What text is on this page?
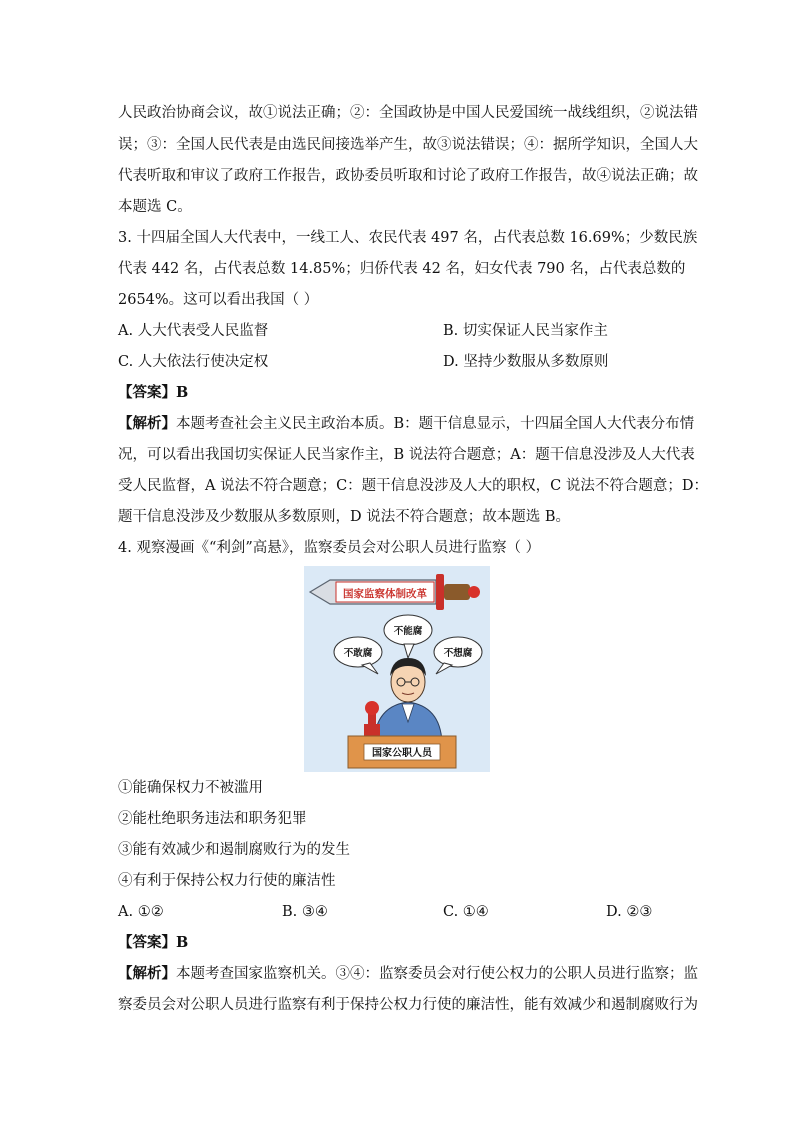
人民政治协商会议，故①说法正确；②：全国政协是中国人民爱国统一战线组织，②说法错
误；③：全国人民代表是由选民间接选举产生，故③说法错误；④：据所学知识，全国人大
代表听取和审议了政府工作报告，政协委员听取和讨论了政府工作报告，故④说法正确；故
本题选 C。
3. 十四届全国人大代表中，一线工人、农民代表 497 名，占代表总数 16.69%；少数民族
代表 442 名，占代表总数 14.85%；归侨代表 42 名，妇女代表 790 名，占代表总数的
2654%。这可以看出我国（ ）
A. 人大代表受人民监督	B. 切实保证人民当家作主
C. 人大依法行使决定权	D. 坚持少数服从多数原则
【答案】B
【解析】本题考查社会主义民主政治本质。B：题干信息显示，十四届全国人大代表分布情
况，可以看出我国切实保证人民当家作主，B 说法符合题意；A：题干信息没涉及人大代表
受人民监督，A 说法不符合题意；C：题干信息没涉及人大的职权，C 说法不符合题意；D：
题干信息没涉及少数服从多数原则，D 说法不符合题意；故本题选 B。
4. 观察漫画《“利剑”高悬》，监察委员会对公职人员进行监察（ ）
国家监察体制改革
不敢腐
不能腐
不想腐
国家公职人员
①能确保权力不被滥用
②能杜绝职务违法和职务犯罪
③能有效减少和遏制腐败行为的发生
④有利于保持公权力行使的廉洁性
A. ①②	B. ③④	C. ①④	D. ②③
【答案】B
【解析】本题考查国家监察机关。③④：监察委员会对行使公权力的公职人员进行监察；监
察委员会对公职人员进行监察有利于保持公权力行使的廉洁性，能有效减少和遏制腐败行为
